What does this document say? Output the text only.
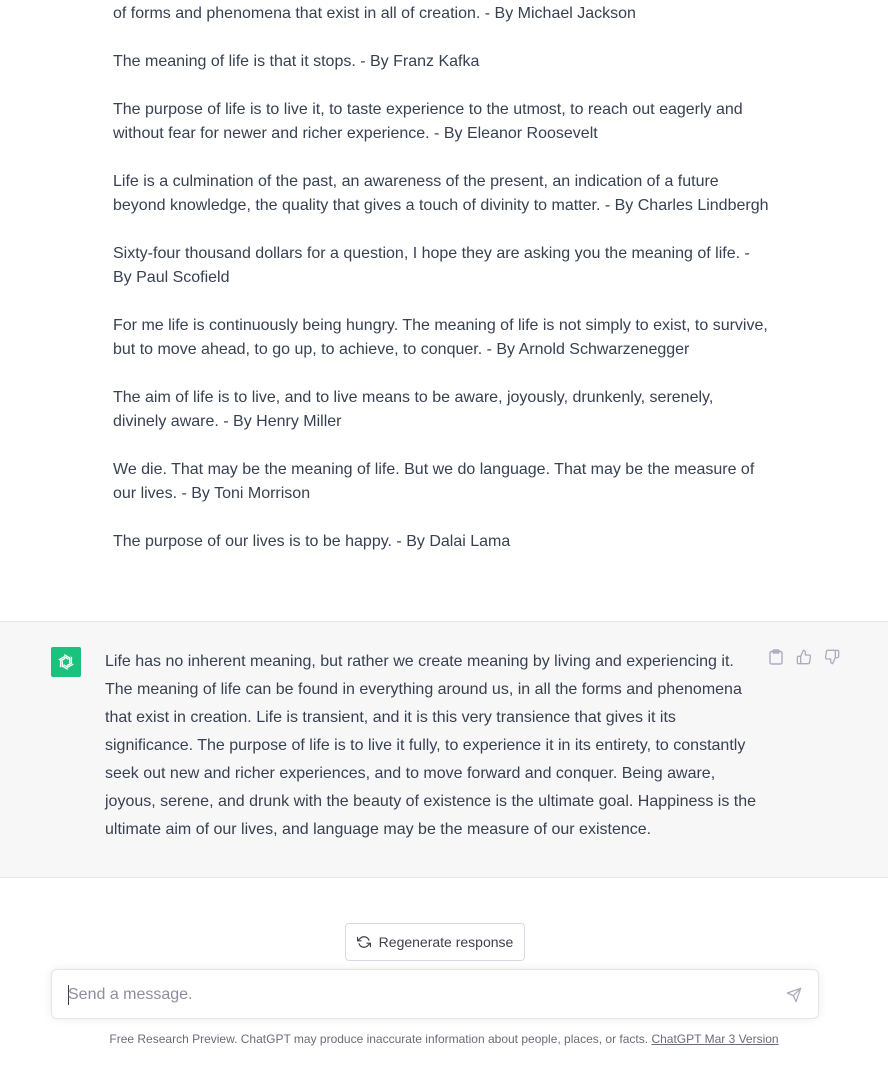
of forms and phenomena that exist in all of creation. - By Michael Jackson

The meaning of life is that it stops. - By Franz Kafka

The purpose of life is to live it, to taste experience to the utmost, to reach out eagerly and without fear for newer and richer experience. - By Eleanor Roosevelt

Life is a culmination of the past, an awareness of the present, an indication of a future beyond knowledge, the quality that gives a touch of divinity to matter. - By Charles Lindbergh

Sixty-four thousand dollars for a question, I hope they are asking you the meaning of life. - By Paul Scofield

For me life is continuously being hungry. The meaning of life is not simply to exist, to survive, but to move ahead, to go up, to achieve, to conquer. - By Arnold Schwarzenegger

The aim of life is to live, and to live means to be aware, joyously, drunkenly, serenely, divinely aware. - By Henry Miller

We die. That may be the meaning of life. But we do language. That may be the measure of our lives. - By Toni Morrison

The purpose of our lives is to be happy. - By Dalai Lama

Life has no inherent meaning, but rather we create meaning by living and experiencing it. The meaning of life can be found in everything around us, in all the forms and phenomena that exist in creation. Life is transient, and it is this very transience that gives it its significance. The purpose of life is to live it fully, to experience it in its entirety, to constantly seek out new and richer experiences, and to move forward and conquer. Being aware, joyous, serene, and drunk with the beauty of existence is the ultimate goal. Happiness is the ultimate aim of our lives, and language may be the measure of our existence.
Regenerate response
Send a message.
Free Research Preview. ChatGPT may produce inaccurate information about people, places, or facts. ChatGPT Mar 3 Version
